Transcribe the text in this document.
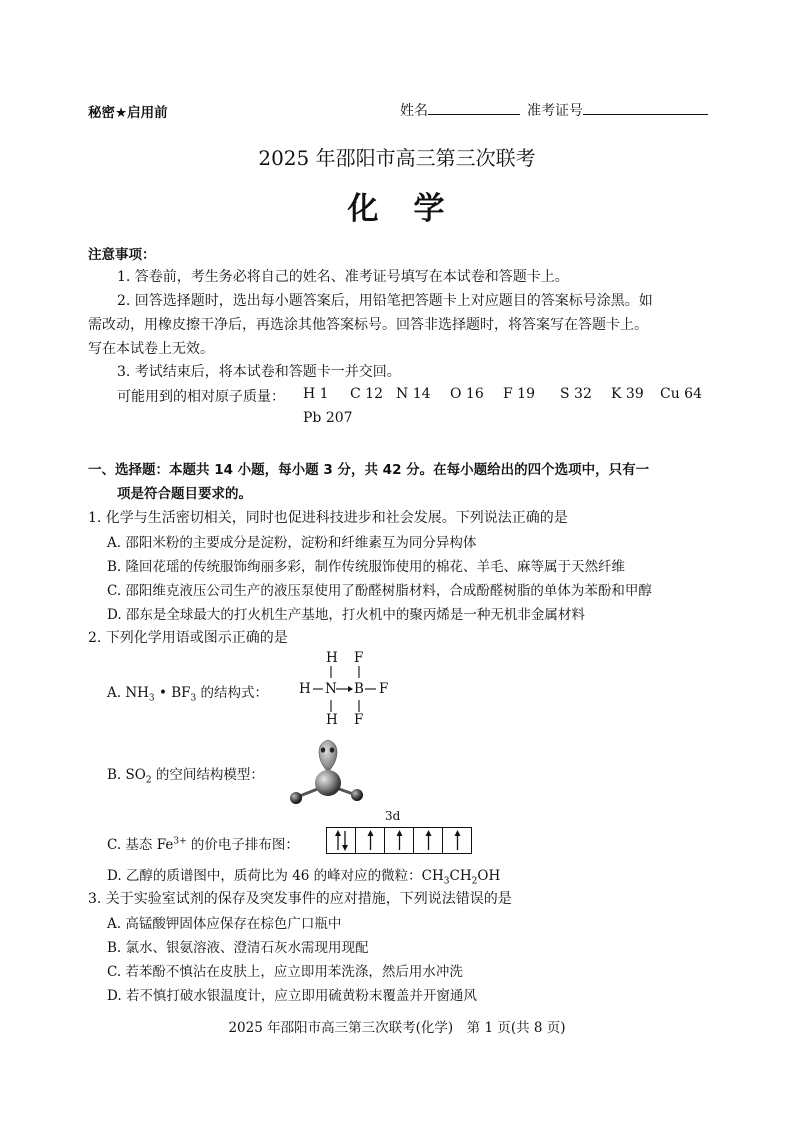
秘密★启用前	姓名	准考证号
2025 年邵阳市高三第三次联考
化　学
注意事项：
1. 答卷前，考生务必将自己的姓名、准考证号填写在本试卷和答题卡上。
2. 回答选择题时，选出每小题答案后，用铅笔把答题卡上对应题目的答案标号涂黑。如
需改动，用橡皮擦干净后，再选涂其他答案标号。回答非选择题时，将答案写在答题卡上。
写在本试卷上无效。
3. 考试结束后，将本试卷和答题卡一并交回。
可能用到的相对原子质量： H 1 C 12 N 14 O 16 F 19 S 32 K 39 Cu 64
Pb 207
一、选择题：本题共 14 小题，每小题 3 分，共 42 分。在每小题给出的四个选项中，只有一
项是符合题目要求的。
1. 化学与生活密切相关，同时也促进科技进步和社会发展。下列说法正确的是
A. 邵阳米粉的主要成分是淀粉，淀粉和纤维素互为同分异构体
B. 隆回花瑶的传统服饰绚丽多彩，制作传统服饰使用的棉花、羊毛、麻等属于天然纤维
C. 邵阳维克液压公司生产的液压泵使用了酚醛树脂材料，合成酚醛树脂的单体为苯酚和甲醇
D. 邵东是全球最大的打火机生产基地，打火机中的聚丙烯是一种无机非金属材料
2. 下列化学用语或图示正确的是
A. $NH_3$ • $BF_3$ 的结构式：
H F
H N B F
H F
B. $SO_2$ 的空间结构模型：
3d
C. 基态 $Fe^{3+}$ 的价电子排布图：
D. 乙醇的质谱图中，质荷比为 46 的峰对应的微粒：$CH_3CH_2OH$
3. 关于实验室试剂的保存及突发事件的应对措施，下列说法错误的是
A. 高锰酸钾固体应保存在棕色广口瓶中
B. 氯水、银氨溶液、澄清石灰水需现用现配
C. 若苯酚不慎沾在皮肤上，应立即用苯洗涤，然后用水冲洗
D. 若不慎打破水银温度计，应立即用硫黄粉末覆盖并开窗通风
2025 年邵阳市高三第三次联考(化学)　第 1 页(共 8 页)
